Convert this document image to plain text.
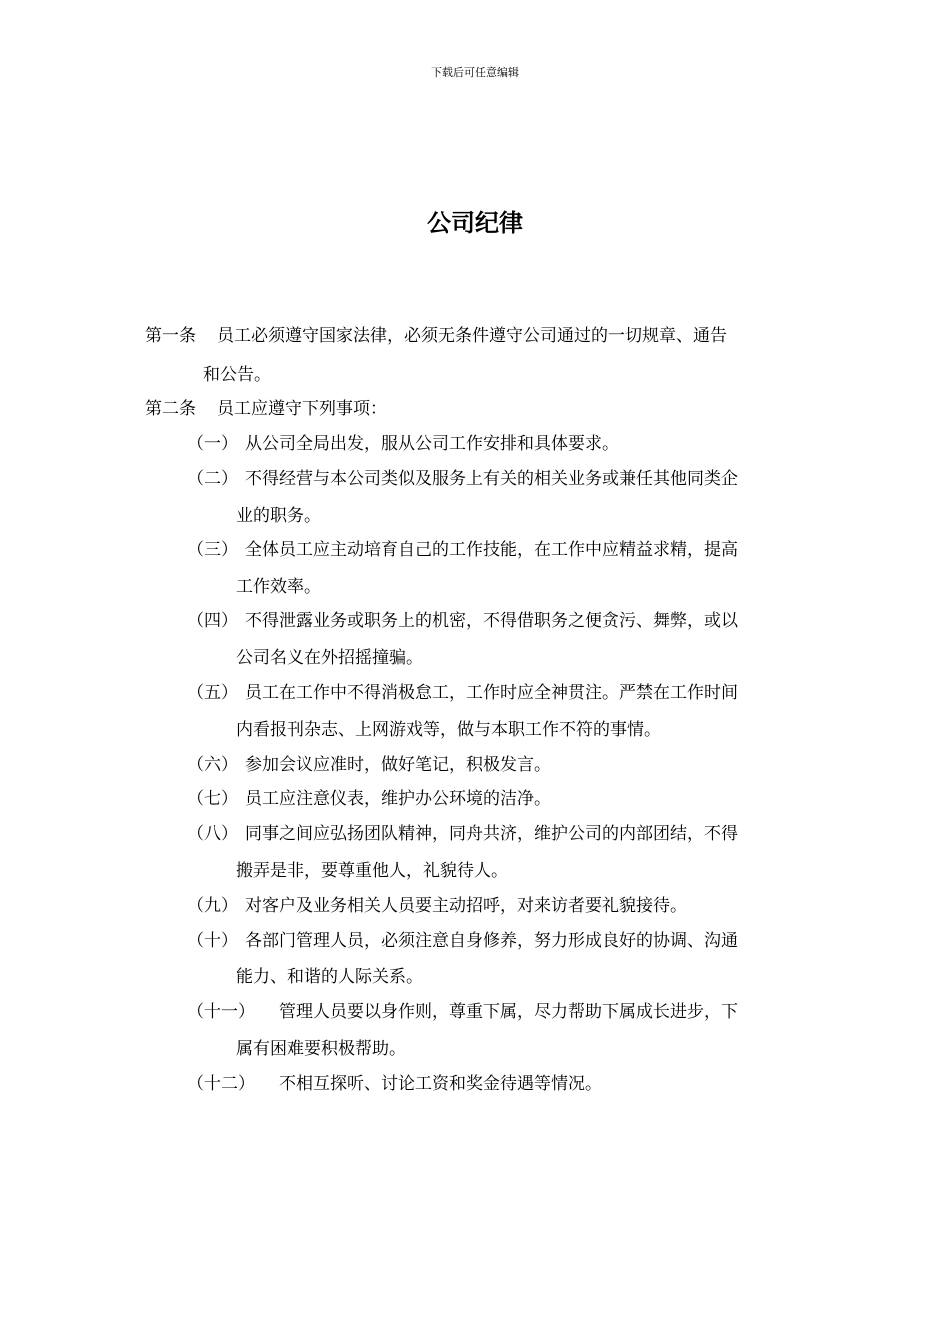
下载后可任意编辑
公司纪律
第一条 员工必须遵守国家法律，必须无条件遵守公司通过的一切规章、通告
和公告。
第二条 员工应遵守下列事项：
（一） 从公司全局出发，服从公司工作安排和具体要求。
（二） 不得经营与本公司类似及服务上有关的相关业务或兼任其他同类企
业的职务。
（三） 全体员工应主动培育自己的工作技能，在工作中应精益求精，提高
工作效率。
（四） 不得泄露业务或职务上的机密，不得借职务之便贪污、舞弊，或以
公司名义在外招摇撞骗。
（五） 员工在工作中不得消极怠工，工作时应全神贯注。严禁在工作时间
内看报刊杂志、上网游戏等，做与本职工作不符的事情。
（六） 参加会议应准时，做好笔记，积极发言。
（七） 员工应注意仪表，维护办公环境的洁净。
（八） 同事之间应弘扬团队精神，同舟共济，维护公司的内部团结，不得
搬弄是非，要尊重他人，礼貌待人。
（九） 对客户及业务相关人员要主动招呼，对来访者要礼貌接待。
（十） 各部门管理人员，必须注意自身修养，努力形成良好的协调、沟通
能力、和谐的人际关系。
（十一） 管理人员要以身作则，尊重下属，尽力帮助下属成长进步，下
属有困难要积极帮助。
（十二） 不相互探听、讨论工资和奖金待遇等情况。
